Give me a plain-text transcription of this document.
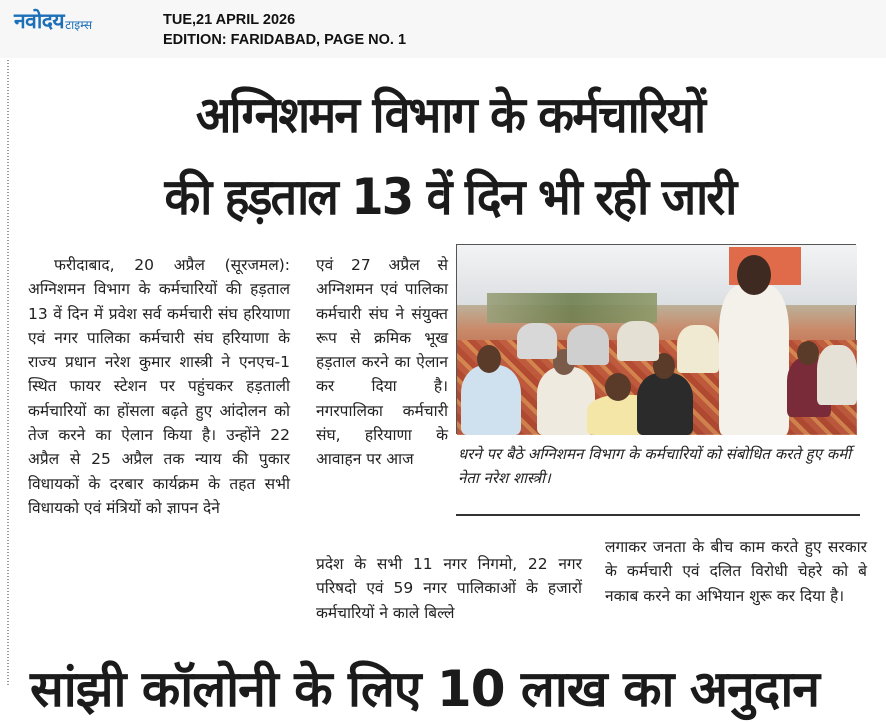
नवोदय टाइम्स	TUE,21 APRIL 2026
EDITION: FARIDABAD, PAGE NO. 1
अग्निशमन विभाग के कर्मचारियों
की हड़ताल 13 वें दिन भी रही जारी

फरीदाबाद, 20 अप्रैल (सूरजमल): अग्निशमन विभाग के कर्मचारियों की हड़ताल 13 वें दिन में प्रवेश सर्व कर्मचारी संघ हरियाणा एवं नगर पालिका कर्मचारी संघ हरियाणा के राज्य प्रधान नरेश कुमार शास्त्री ने एनएच-1 स्थित फायर स्टेशन पर पहुंचकर हड़ताली कर्मचारियों का होंसला बढ़ते हुए आंदोलन को तेज करने का ऐलान किया है। उन्होंने 22 अप्रैल से 25 अप्रैल तक न्याय की पुकार विधायकों के दरबार कार्यक्रम के तहत सभी विधायको एवं मंत्रियों को ज्ञापन देने

एवं 27 अप्रैल से अग्निशमन एवं पालिका कर्मचारी संघ ने संयुक्त रूप से क्रमिक भूख हड़ताल करने का ऐलान कर दिया है। नगरपालिका कर्मचारी संघ, हरियाणा के आवाहन पर आज

प्रदेश के सभी 11 नगर निगमो, 22 नगर परिषदो एवं 59 नगर पालिकाओं के हजारों कर्मचारियों ने काले बिल्ले

धरने पर बैठे अग्निशमन विभाग के कर्मचारियों को संबोधित करते हुए कर्मी नेता नरेश शास्त्री।

लगाकर जनता के बीच काम करते हुए सरकार के कर्मचारी एवं दलित विरोधी चेहरे को बे नकाब करने का अभियान शुरू कर दिया है।

सांझी कॉलोनी के लिए 10 लाख का अनुदान
